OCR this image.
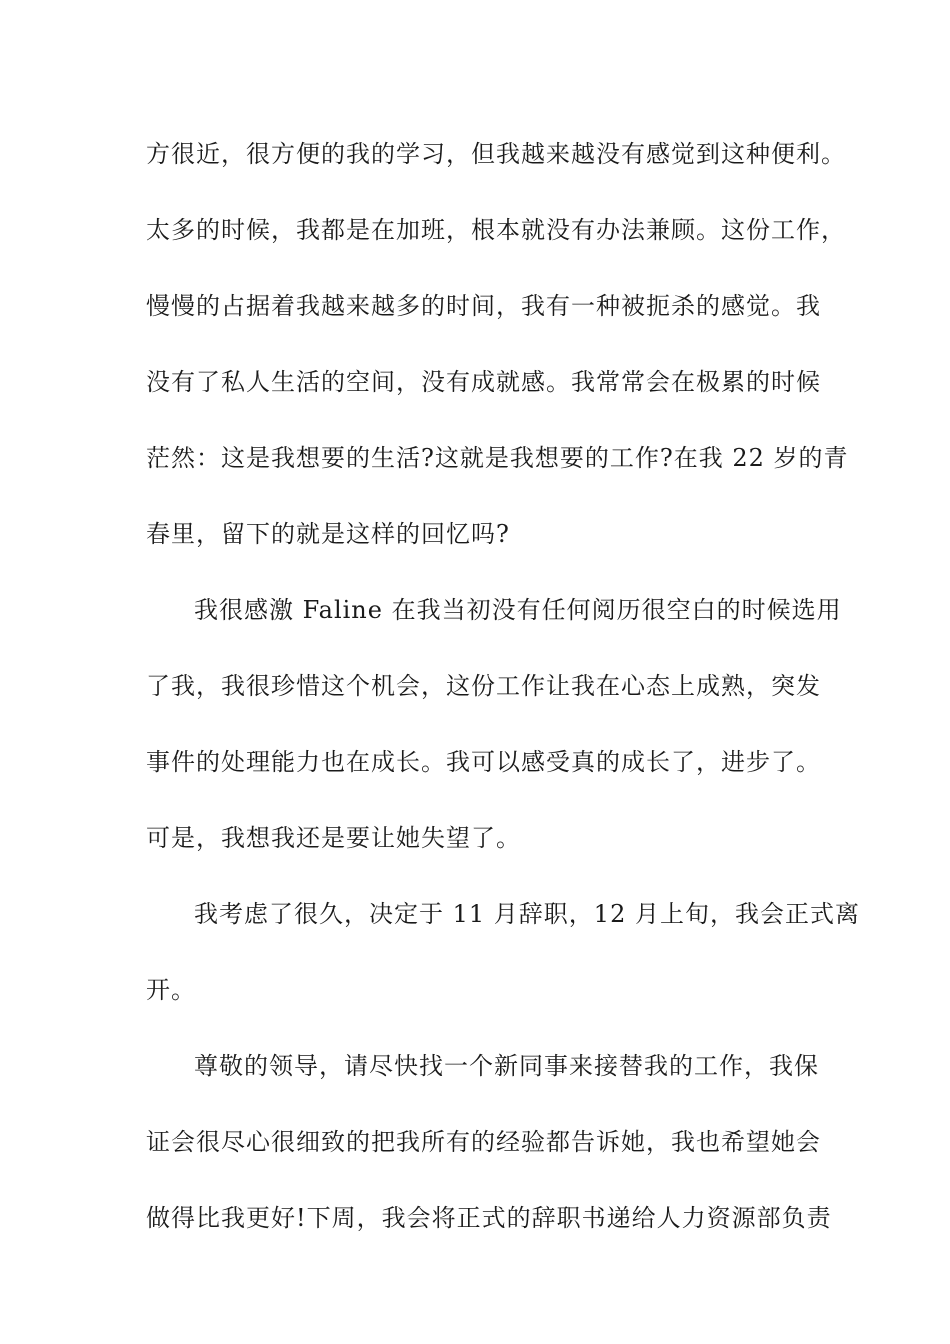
方很近，很方便的我的学习，但我越来越没有感觉到这种便利。
太多的时候，我都是在加班，根本就没有办法兼顾。这份工作，
慢慢的占据着我越来越多的时间，我有一种被扼杀的感觉。我
没有了私人生活的空间，没有成就感。我常常会在极累的时候
茫然：这是我想要的生活?这就是我想要的工作?在我 22 岁的青
春里，留下的就是这样的回忆吗?
我很感激 Faline 在我当初没有任何阅历很空白的时候选用
了我，我很珍惜这个机会，这份工作让我在心态上成熟，突发
事件的处理能力也在成长。我可以感受真的成长了，进步了。
可是，我想我还是要让她失望了。
我考虑了很久，决定于 11 月辞职，12 月上旬，我会正式离
开。
尊敬的领导，请尽快找一个新同事来接替我的工作，我保
证会很尽心很细致的把我所有的经验都告诉她，我也希望她会
做得比我更好!下周，我会将正式的辞职书递给人力资源部负责
